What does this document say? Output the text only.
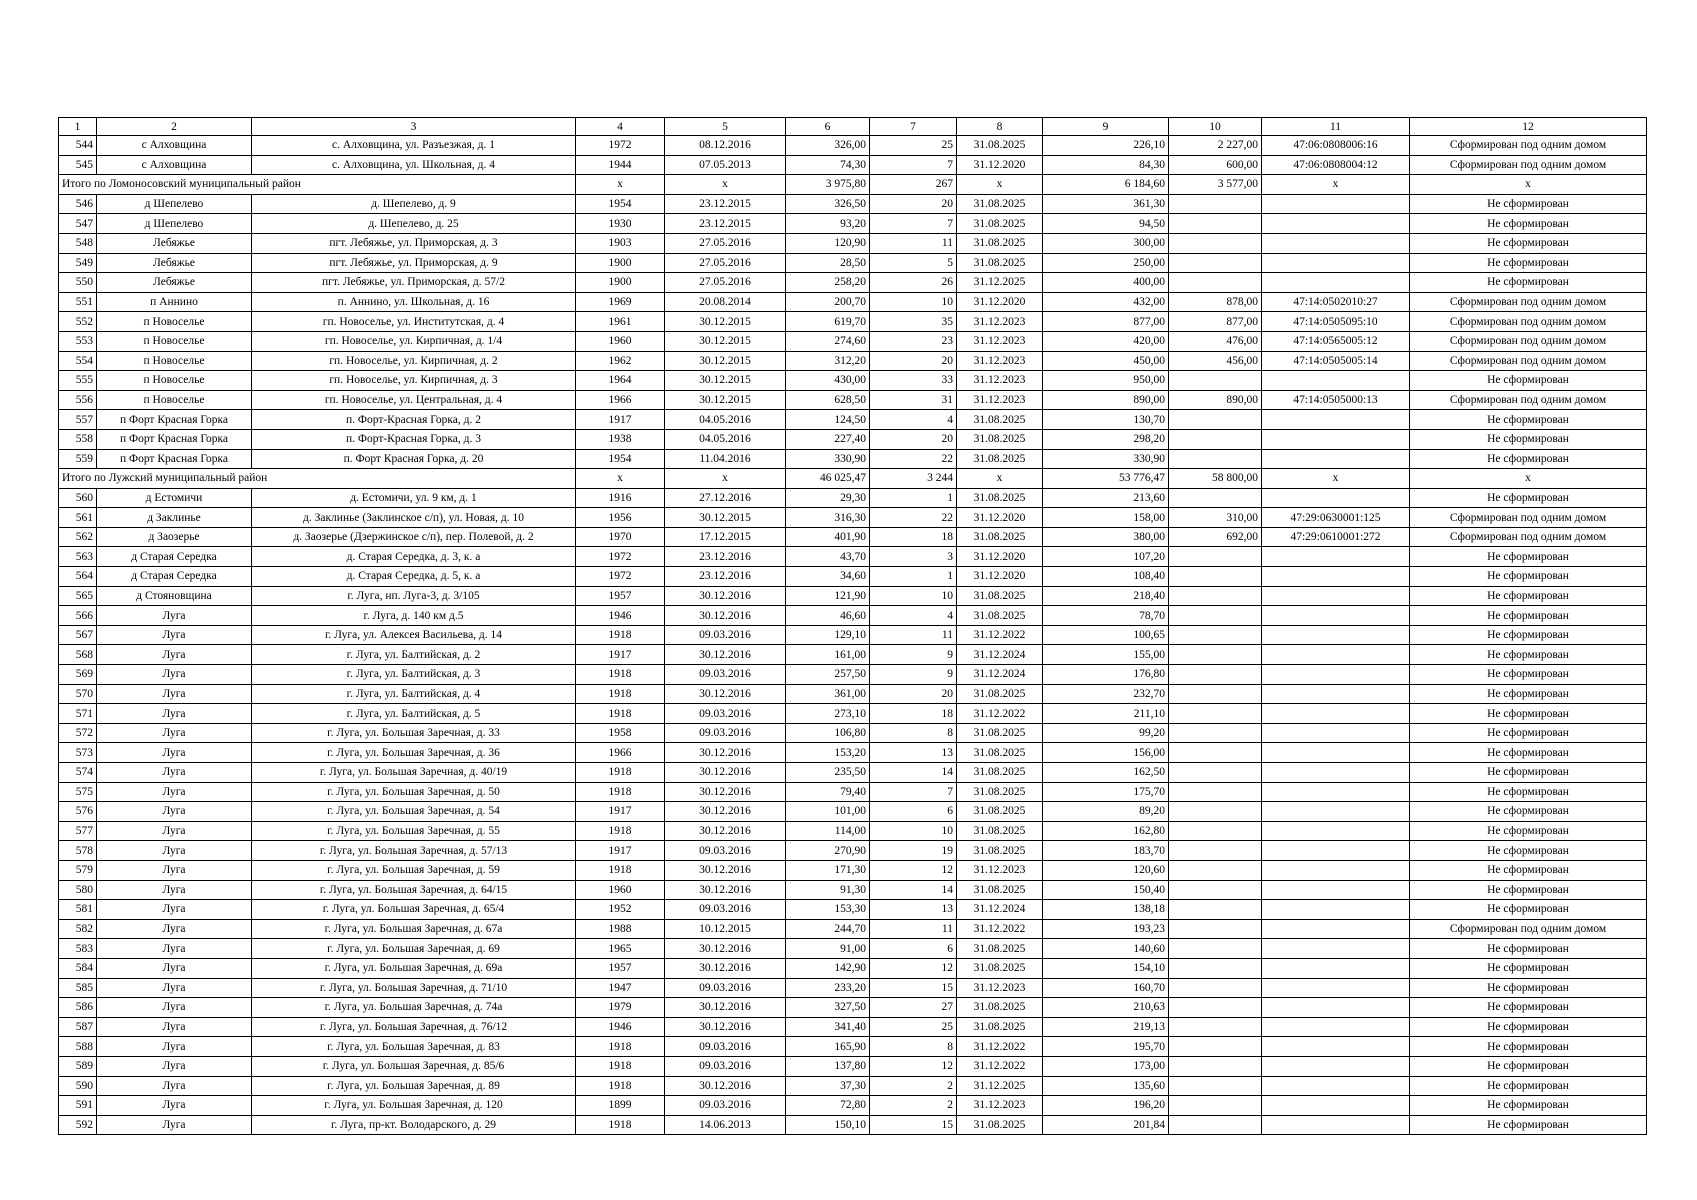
1	2	3	4	5	6	7	8	9	10	11	12
544	с Алховщина	с. Алховщина, ул. Разъезжая, д. 1	1972	08.12.2016	326,00	25	31.08.2025	226,10	2 227,00	47:06:0808006:16	Сформирован под одним домом
545	с Алховщина	с. Алховщина, ул. Школьная, д. 4	1944	07.05.2013	74,30	7	31.12.2020	84,30	600,00	47:06:0808004:12	Сформирован под одним домом
Итого по Ломоносовский муниципальный район			х	х	3 975,80	267	х	6 184,60	3 577,00	х	х
546	д Шепелево	д. Шепелево, д. 9	1954	23.12.2015	326,50	20	31.08.2025	361,30			Не сформирован
547	д Шепелево	д. Шепелево, д. 25	1930	23.12.2015	93,20	7	31.08.2025	94,50			Не сформирован
548	Лебяжье	пгт. Лебяжье, ул. Приморская, д. 3	1903	27.05.2016	120,90	11	31.08.2025	300,00			Не сформирован
549	Лебяжье	пгт. Лебяжье, ул. Приморская, д. 9	1900	27.05.2016	28,50	5	31.08.2025	250,00			Не сформирован
550	Лебяжье	пгт. Лебяжье, ул. Приморская, д. 57/2	1900	27.05.2016	258,20	26	31.12.2025	400,00			Не сформирован
551	п Аннино	п. Аннино, ул. Школьная, д. 16	1969	20.08.2014	200,70	10	31.12.2020	432,00	878,00	47:14:0502010:27	Сформирован под одним домом
552	п Новоселье	гп. Новоселье, ул. Институтская, д. 4	1961	30.12.2015	619,70	35	31.12.2023	877,00	877,00	47:14:0505095:10	Сформирован под одним домом
553	п Новоселье	гп. Новоселье, ул. Кирпичная, д. 1/4	1960	30.12.2015	274,60	23	31.12.2023	420,00	476,00	47:14:0565005:12	Сформирован под одним домом
554	п Новоселье	гп. Новоселье, ул. Кирпичная, д. 2	1962	30.12.2015	312,20	20	31.12.2023	450,00	456,00	47:14:0505005:14	Сформирован под одним домом
555	п Новоселье	гп. Новоселье, ул. Кирпичная, д. 3	1964	30.12.2015	430,00	33	31.12.2023	950,00			Не сформирован
556	п Новоселье	гп. Новоселье, ул. Центральная, д. 4	1966	30.12.2015	628,50	31	31.12.2023	890,00	890,00	47:14:0505000:13	Сформирован под одним домом
557	п Форт Красная Горка	п. Форт-Красная Горка, д. 2	1917	04.05.2016	124,50	4	31.08.2025	130,70			Не сформирован
558	п Форт Красная Горка	п. Форт-Красная Горка, д. 3	1938	04.05.2016	227,40	20	31.08.2025	298,20			Не сформирован
559	п Форт Красная Горка	п. Форт Красная Горка, д. 20	1954	11.04.2016	330,90	22	31.08.2025	330,90			Не сформирован
Итого по Лужский муниципальный район			х	х	46 025,47	3 244	х	53 776,47	58 800,00	х	х
560	д Естомичи	д. Естомичи, ул. 9 км, д. 1	1916	27.12.2016	29,30	1	31.08.2025	213,60			Не сформирован
561	д Заклинье	д. Заклинье (Заклинское с/п), ул. Новая, д. 10	1956	30.12.2015	316,30	22	31.12.2020	158,00	310,00	47:29:0630001:125	Сформирован под одним домом
562	д Заозерье	д. Заозерье (Дзержинское с/п), пер. Полевой, д. 2	1970	17.12.2015	401,90	18	31.08.2025	380,00	692,00	47:29:0610001:272	Сформирован под одним домом
563	д Старая Середка	д. Старая Середка, д. 3, к. а	1972	23.12.2016	43,70	3	31.12.2020	107,20			Не сформирован
564	д Старая Середка	д. Старая Середка, д. 5, к. а	1972	23.12.2016	34,60	1	31.12.2020	108,40			Не сформирован
565	д Стояновщина	г. Луга, нп. Луга-3, д. 3/105	1957	30.12.2016	121,90	10	31.08.2025	218,40			Не сформирован
566	Луга	г. Луга, д. 140 км д.5	1946	30.12.2016	46,60	4	31.08.2025	78,70			Не сформирован
567	Луга	г. Луга, ул. Алексея Васильева, д. 14	1918	09.03.2016	129,10	11	31.12.2022	100,65			Не сформирован
568	Луга	г. Луга, ул. Балтийская, д. 2	1917	30.12.2016	161,00	9	31.12.2024	155,00			Не сформирован
569	Луга	г. Луга, ул. Балтийская, д. 3	1918	09.03.2016	257,50	9	31.12.2024	176,80			Не сформирован
570	Луга	г. Луга, ул. Балтийская, д. 4	1918	30.12.2016	361,00	20	31.08.2025	232,70			Не сформирован
571	Луга	г. Луга, ул. Балтийская, д. 5	1918	09.03.2016	273,10	18	31.12.2022	211,10			Не сформирован
572	Луга	г. Луга, ул. Большая Заречная, д. 33	1958	09.03.2016	106,80	8	31.08.2025	99,20			Не сформирован
573	Луга	г. Луга, ул. Большая Заречная, д. 36	1966	30.12.2016	153,20	13	31.08.2025	156,00			Не сформирован
574	Луга	г. Луга, ул. Большая Заречная, д. 40/19	1918	30.12.2016	235,50	14	31.08.2025	162,50			Не сформирован
575	Луга	г. Луга, ул. Большая Заречная, д. 50	1918	30.12.2016	79,40	7	31.08.2025	175,70			Не сформирован
576	Луга	г. Луга, ул. Большая Заречная, д. 54	1917	30.12.2016	101,00	6	31.08.2025	89,20			Не сформирован
577	Луга	г. Луга, ул. Большая Заречная, д. 55	1918	30.12.2016	114,00	10	31.08.2025	162,80			Не сформирован
578	Луга	г. Луга, ул. Большая Заречная, д. 57/13	1917	09.03.2016	270,90	19	31.08.2025	183,70			Не сформирован
579	Луга	г. Луга, ул. Большая Заречная, д. 59	1918	30.12.2016	171,30	12	31.12.2023	120,60			Не сформирован
580	Луга	г. Луга, ул. Большая Заречная, д. 64/15	1960	30.12.2016	91,30	14	31.08.2025	150,40			Не сформирован
581	Луга	г. Луга, ул. Большая Заречная, д. 65/4	1952	09.03.2016	153,30	13	31.12.2024	138,18			Не сформирован
582	Луга	г. Луга, ул. Большая Заречная, д. 67а	1988	10.12.2015	244,70	11	31.12.2022	193,23			Сформирован под одним домом
583	Луга	г. Луга, ул. Большая Заречная, д. 69	1965	30.12.2016	91,00	6	31.08.2025	140,60			Не сформирован
584	Луга	г. Луга, ул. Большая Заречная, д. 69а	1957	30.12.2016	142,90	12	31.08.2025	154,10			Не сформирован
585	Луга	г. Луга, ул. Большая Заречная, д. 71/10	1947	09.03.2016	233,20	15	31.12.2023	160,70			Не сформирован
586	Луга	г. Луга, ул. Большая Заречная, д. 74а	1979	30.12.2016	327,50	27	31.08.2025	210,63			Не сформирован
587	Луга	г. Луга, ул. Большая Заречная, д. 76/12	1946	30.12.2016	341,40	25	31.08.2025	219,13			Не сформирован
588	Луга	г. Луга, ул. Большая Заречная, д. 83	1918	09.03.2016	165,90	8	31.12.2022	195,70			Не сформирован
589	Луга	г. Луга, ул. Большая Заречная, д. 85/6	1918	09.03.2016	137,80	12	31.12.2022	173,00			Не сформирован
590	Луга	г. Луга, ул. Большая Заречная, д. 89	1918	30.12.2016	37,30	2	31.12.2025	135,60			Не сформирован
591	Луга	г. Луга, ул. Большая Заречная, д. 120	1899	09.03.2016	72,80	2	31.12.2023	196,20			Не сформирован
592	Луга	г. Луга, пр-кт. Володарского, д. 29	1918	14.06.2013	150,10	15	31.08.2025	201,84			Не сформирован
